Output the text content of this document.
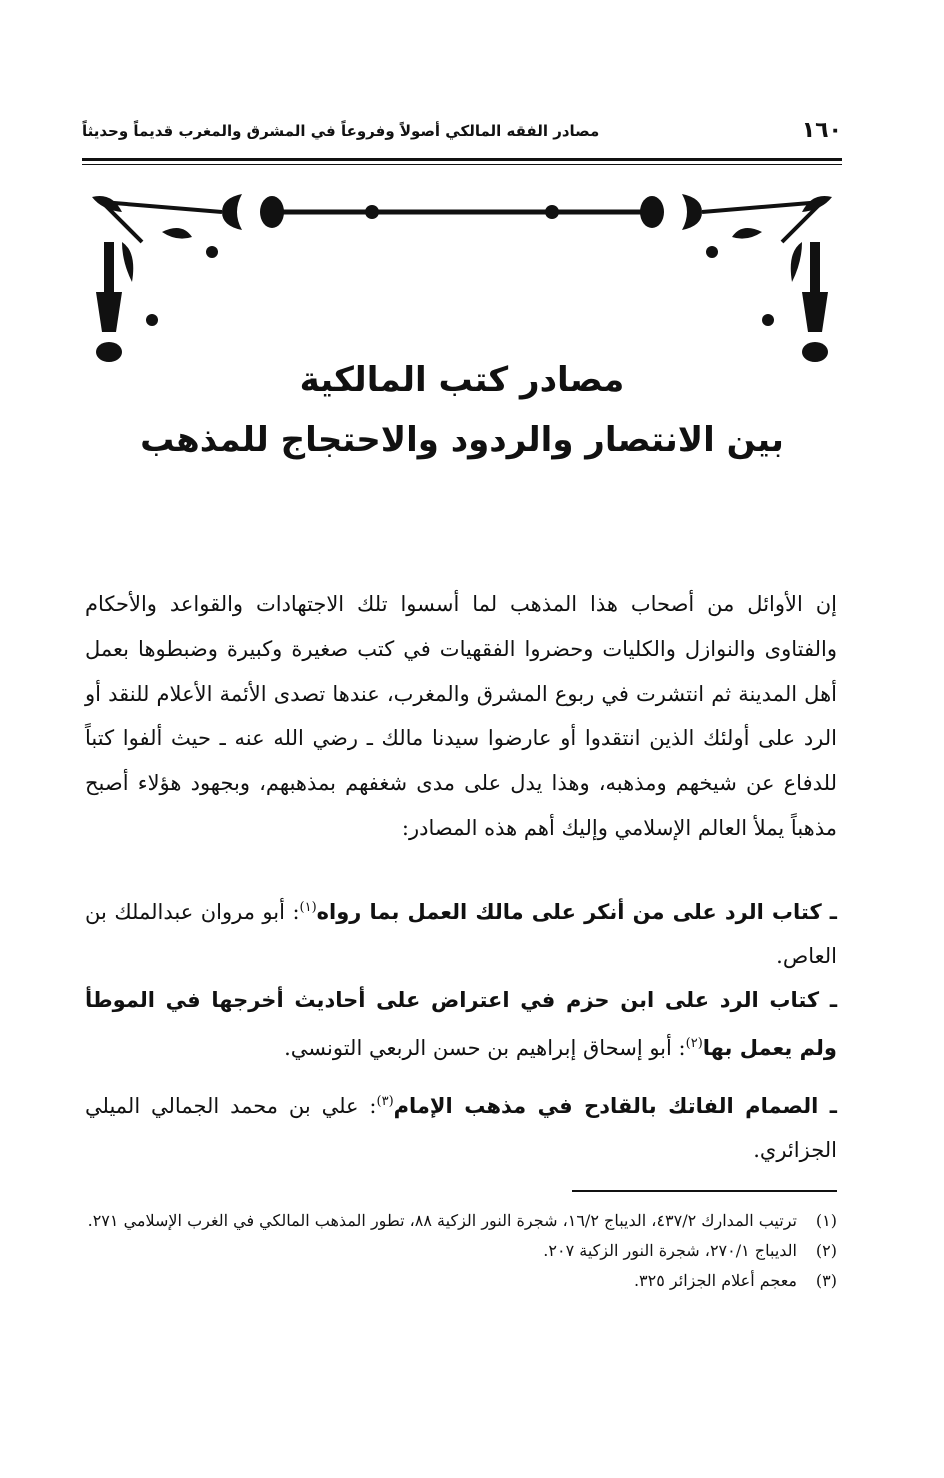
١٦٠
مصادر الفقه المالكي أصولاً وفروعاً في المشرق والمغرب قديماً وحديثاً
مصادر كتب المالكية
بين الانتصار والردود والاحتجاج للمذهب
إن الأوائل من أصحاب هذا المذهب لما أسسوا تلك الاجتهادات والقواعد والأحكام والفتاوى والنوازل والكليات وحضروا الفقهيات في كتب صغيرة وكبيرة وضبطوها بعمل أهل المدينة ثم انتشرت في ربوع المشرق والمغرب، عندها تصدى الأئمة الأعلام للنقد أو الرد على أولئك الذين انتقدوا أو عارضوا سيدنا مالك ـ رضي الله عنه ـ حيث ألفوا كتباً للدفاع عن شيخهم ومذهبه، وهذا يدل على مدى شغفهم بمذهبهم، وبجهود هؤلاء أصبح مذهباً يملأ العالم الإسلامي وإليك أهم هذه المصادر:
ـ كتاب الرد على من أنكر على مالك العمل بما رواه$^{(١)}$: أبو مروان عبدالملك بن العاص.
ـ كتاب الرد على ابن حزم في اعتراض على أحاديث أخرجها في الموطأ ولم يعمل بها$^{(٢)}$: أبو إسحاق إبراهيم بن حسن الربعي التونسي.
ـ الصمام الفاتك بالقادح في مذهب الإمام$^{(٣)}$: علي بن محمد الجمالي الميلي الجزائري.
(١)
ترتيب المدارك ٤٣٧/٢، الديباج ١٦/٢، شجرة النور الزكية ٨٨، تطور المذهب المالكي في الغرب الإسلامي ٢٧١.
(٢)
الديباج ٢٧٠/١، شجرة النور الزكية ٢٠٧.
(٣)
معجم أعلام الجزائر ٣٢٥.
